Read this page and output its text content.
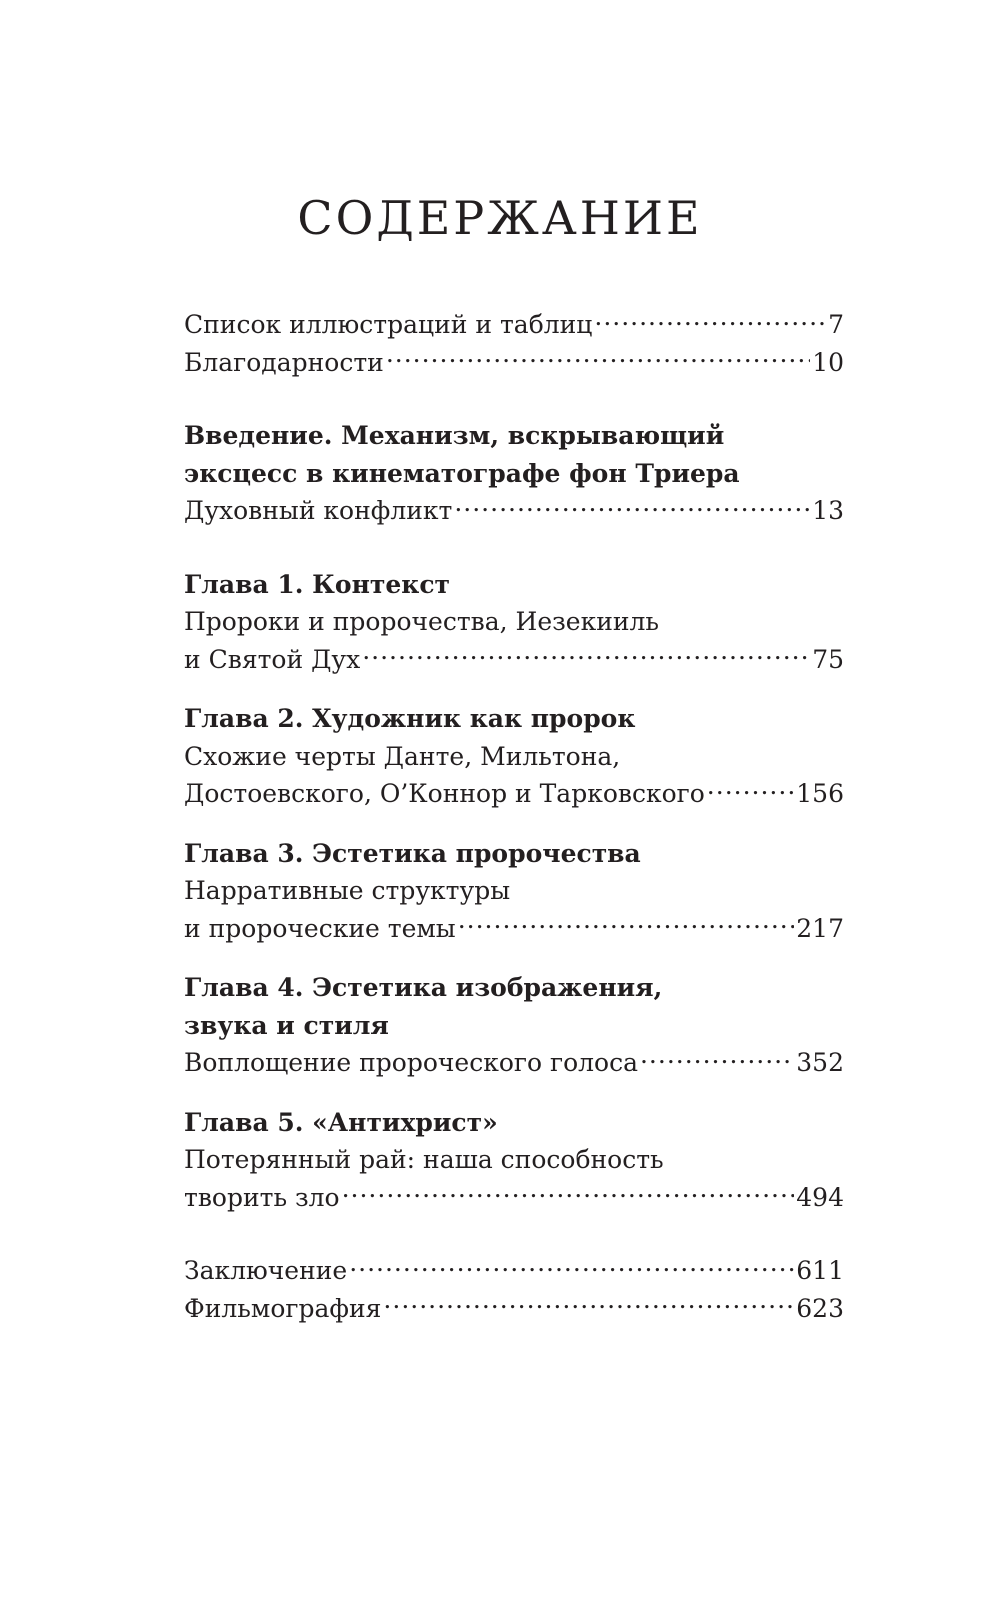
СОДЕРЖАНИЕ
Список иллюстраций и таблиц .....	7
Благодарности .....	10
Введение. Механизм, вскрывающий
эксцесс в кинематографе фон Триера
Духовный конфликт .....	13
Глава 1. Контекст
Пророки и пророчества, Иезекииль
и Святой Дух .....	75
Глава 2. Художник как пророк
Схожие черты Данте, Мильтона,
Достоевского, О’Коннор и Тарковского .....	156
Глава 3. Эстетика пророчества
Нарративные структуры
и пророческие темы .....	217
Глава 4. Эстетика изображения,
звука и стиля
Воплощение пророческого голоса .....	352
Глава 5. «Антихрист»
Потерянный рай: наша способность
творить зло .....	494
Заключение .....	611
Фильмография .....	623
